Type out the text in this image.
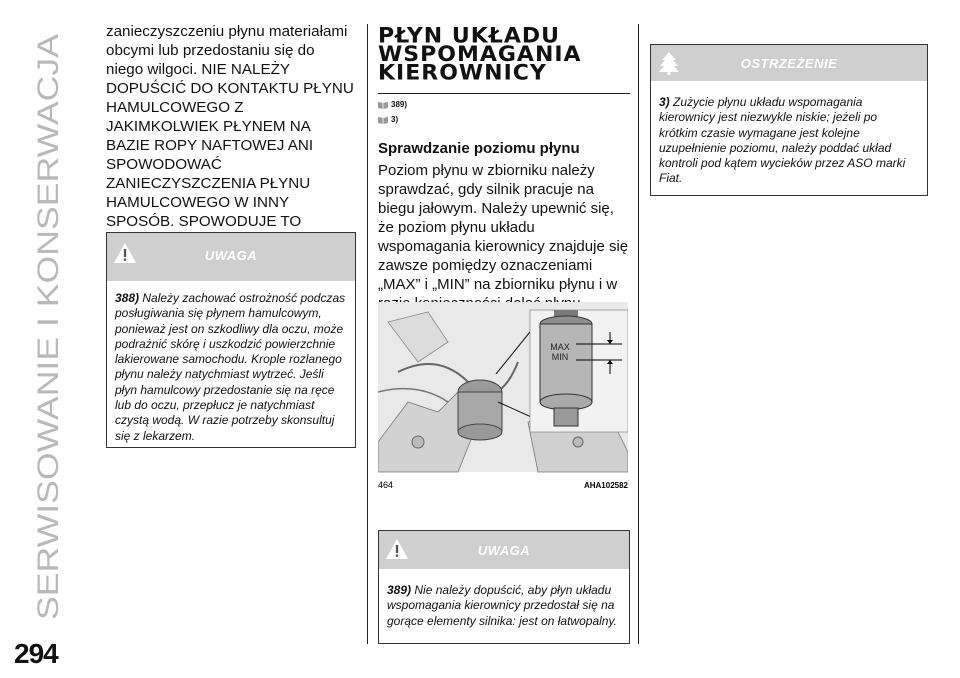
SERWISOWANIE I KONSERWACJA
294

zanieczyszczeniu płynu materiałami obcymi lub przedostaniu się do niego wilgoci. NIE NALEŻY DOPUŚCIĆ DO KONTAKTU PŁYNU HAMULCOWEGO Z JAKIMKOLWIEK PŁYNEM NA BAZIE ROPY NAFTOWEJ ANI SPOWODOWAĆ ZANIECZYSZCZENIA PŁYNU HAMULCOWEGO W INNY SPOSÓB. SPOWODUJE TO

UWAGA
388) Należy zachować ostrożność podczas posługiwania się płynem hamulcowym, ponieważ jest on szkodliwy dla oczu, może podrażnić skórę i uszkodzić powierzchnie lakierowane samochodu. Krople rozlanego płynu należy natychmiast wytrzeć. Jeśli płyn hamulcowy przedostanie się na ręce lub do oczu, przepłucz je natychmiast czystą wodą. W razie potrzeby skonsultuj się z lekarzem.
PŁYN UKŁADU
WSPOMAGANIA
KIEROWNICY
389)
3)
Sprawdzanie poziomu płynu

Poziom płynu w zbiorniku należy sprawdzać, gdy silnik pracuje na biegu jałowym. Należy upewnić się, że poziom płynu układu wspomagania kierownicy znajduje się zawsze pomiędzy oznaczeniami „MAX” i „MIN” na zbiorniku płynu i w

MAX
MIN
464	AHA102582
UWAGA
389) Nie należy dopuścić, aby płyn układu wspomagania kierownicy przedostał się na gorące elementy silnika: jest on łatwopalny.
OSTRZEŻENIE
3) Zużycie płynu układu wspomagania kierownicy jest niezwykle niskie; jeżeli po krótkim czasie wymagane jest kolejne uzupełnienie poziomu, należy poddać układ kontroli pod kątem wycieków przez ASO marki Fiat.
